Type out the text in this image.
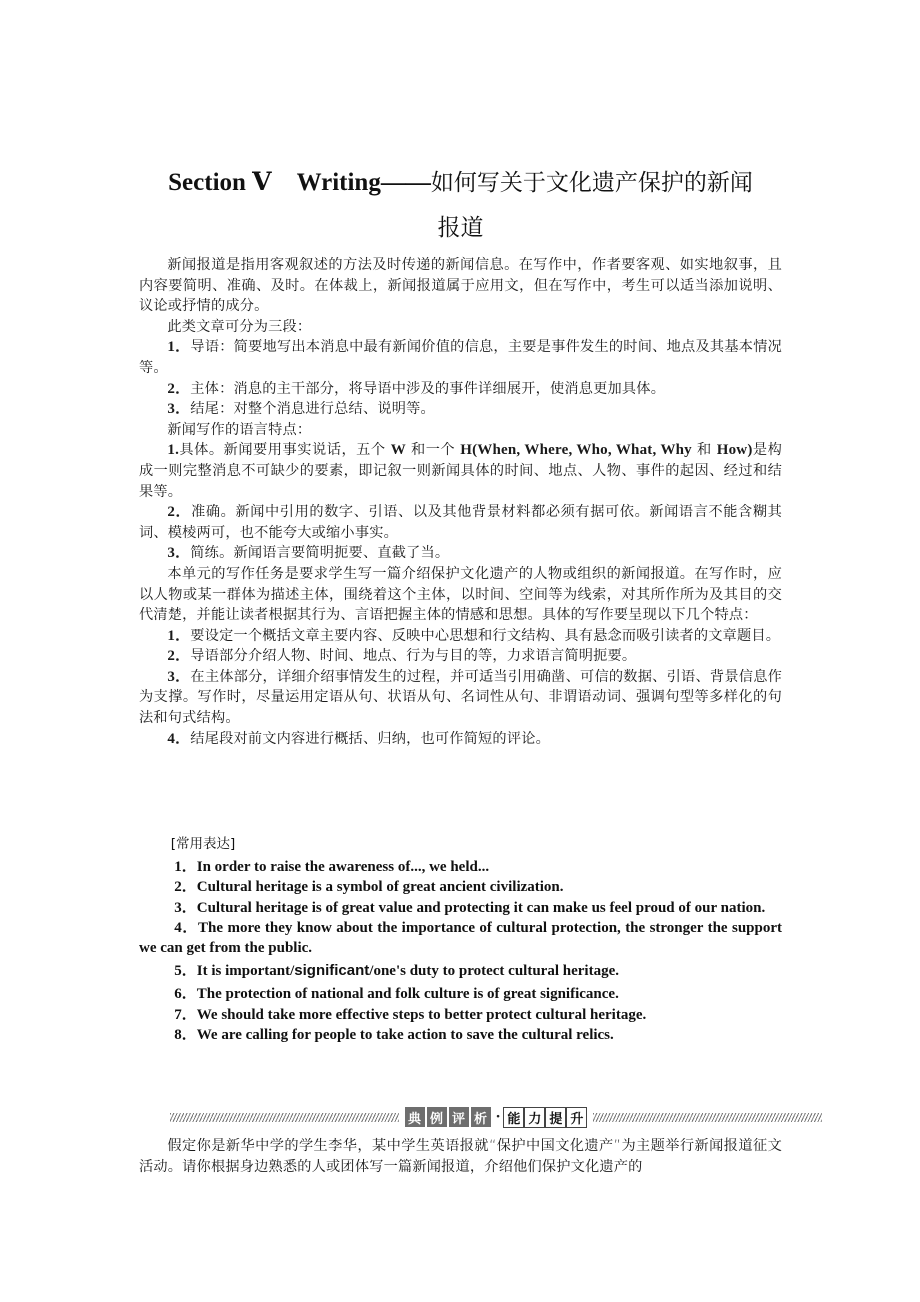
Section Ⅴ　Writing——如何写关于文化遗产保护的新闻
报道

新闻报道是指用客观叙述的方法及时传递的新闻信息。在写作中，作者要客观、如实地叙事，且内容要简明、准确、及时。在体裁上，新闻报道属于应用文，但在写作中，考生可以适当添加说明、议论或抒情的成分。

此类文章可分为三段：

1．导语：简要地写出本消息中最有新闻价值的信息，主要是事件发生的时间、地点及其基本情况等。

2．主体：消息的主干部分，将导语中涉及的事件详细展开，使消息更加具体。

3．结尾：对整个消息进行总结、说明等。

新闻写作的语言特点：

1.具体。新闻要用事实说话，五个 W 和一个 H(When, Where, Who, What, Why 和 How)是构成一则完整消息不可缺少的要素，即记叙一则新闻具体的时间、地点、人物、事件的起因、经过和结果等。

2．准确。新闻中引用的数字、引语、以及其他背景材料都必须有据可依。新闻语言不能含糊其词、模棱两可，也不能夸大或缩小事实。

3．简练。新闻语言要简明扼要、直截了当。

本单元的写作任务是要求学生写一篇介绍保护文化遗产的人物或组织的新闻报道。在写作时，应以人物或某一群体为描述主体，围绕着这个主体，以时间、空间等为线索，对其所作所为及其目的交代清楚，并能让读者根据其行为、言语把握主体的情感和思想。具体的写作要呈现以下几个特点：

1．要设定一个概括文章主要内容、反映中心思想和行文结构、具有悬念而吸引读者的文章题目。

2．导语部分介绍人物、时间、地点、行为与目的等，力求语言简明扼要。

3．在主体部分，详细介绍事情发生的过程，并可适当引用确凿、可信的数据、引语、背景信息作为支撑。写作时，尽量运用定语从句、状语从句、名词性从句、非谓语动词、强调句型等多样化的句法和句式结构。

4．结尾段对前文内容进行概括、归纳，也可作简短的评论。

[常用表达]

1．In order to raise the awareness of..., we held...

2．Cultural heritage is a symbol of great ancient civilization.

3．Cultural heritage is of great value and protecting it can make us feel proud of our nation.

4．The more they know about the importance of cultural protection, the stronger the support we can get from the public.

5．It is important/significant/one's duty to protect cultural heritage.

6．The protection of national and folk culture is of great significance.

7．We should take more effective steps to better protect cultural heritage.

8．We are calling for people to take action to save the cultural relics.

假定你是新华中学的学生李华，某中学生英语报就“保护中国文化遗产”为主题举行新闻报道征文活动。请你根据身边熟悉的人或团体写一篇新闻报道，介绍他们保护文化遗产的

典 例 评 析 · 能 力 提 升
